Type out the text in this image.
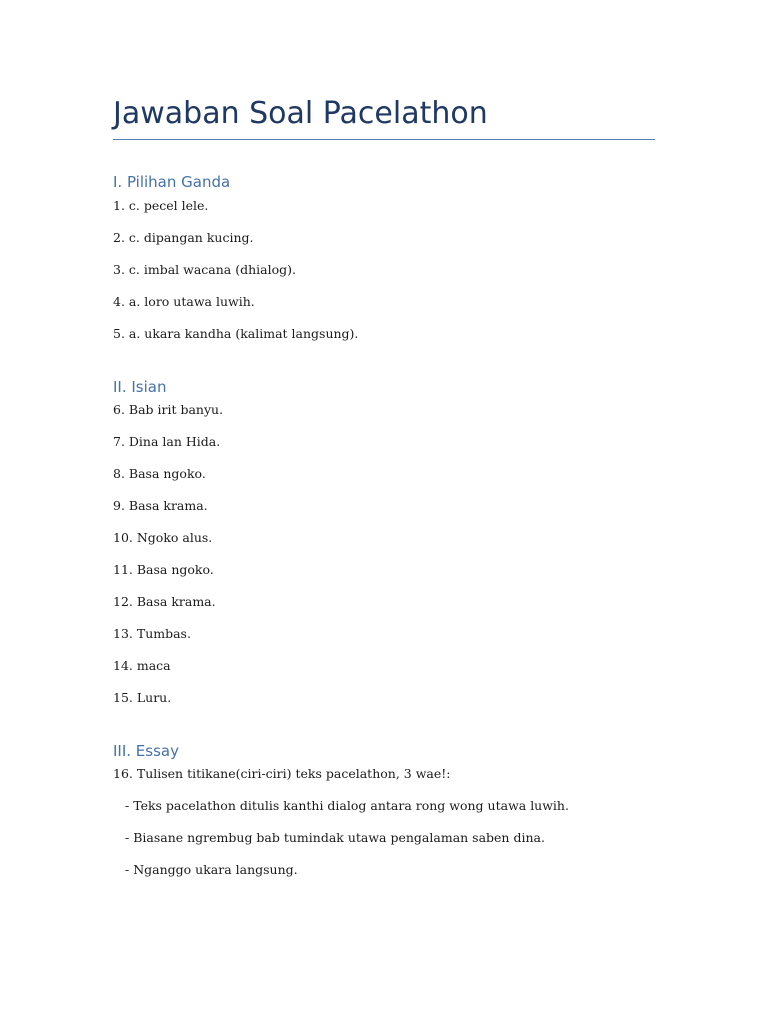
Jawaban Soal Pacelathon
I. Pilihan Ganda
1. c. pecel lele.
2. c. dipangan kucing.
3. c. imbal wacana (dhialog).
4. a. loro utawa luwih.
5. a. ukara kandha (kalimat langsung).
II. Isian
6. Bab irit banyu.
7. Dina lan Hida.
8. Basa ngoko.
9. Basa krama.
10. Ngoko alus.
11. Basa ngoko.
12. Basa krama.
13. Tumbas.
14. maca
15. Luru.
III. Essay
16. Tulisen titikane(ciri-ciri) teks pacelathon, 3 wae!:
- Teks pacelathon ditulis kanthi dialog antara rong wong utawa luwih.
- Biasane ngrembug bab tumindak utawa pengalaman saben dina.
- Nganggo ukara langsung.
